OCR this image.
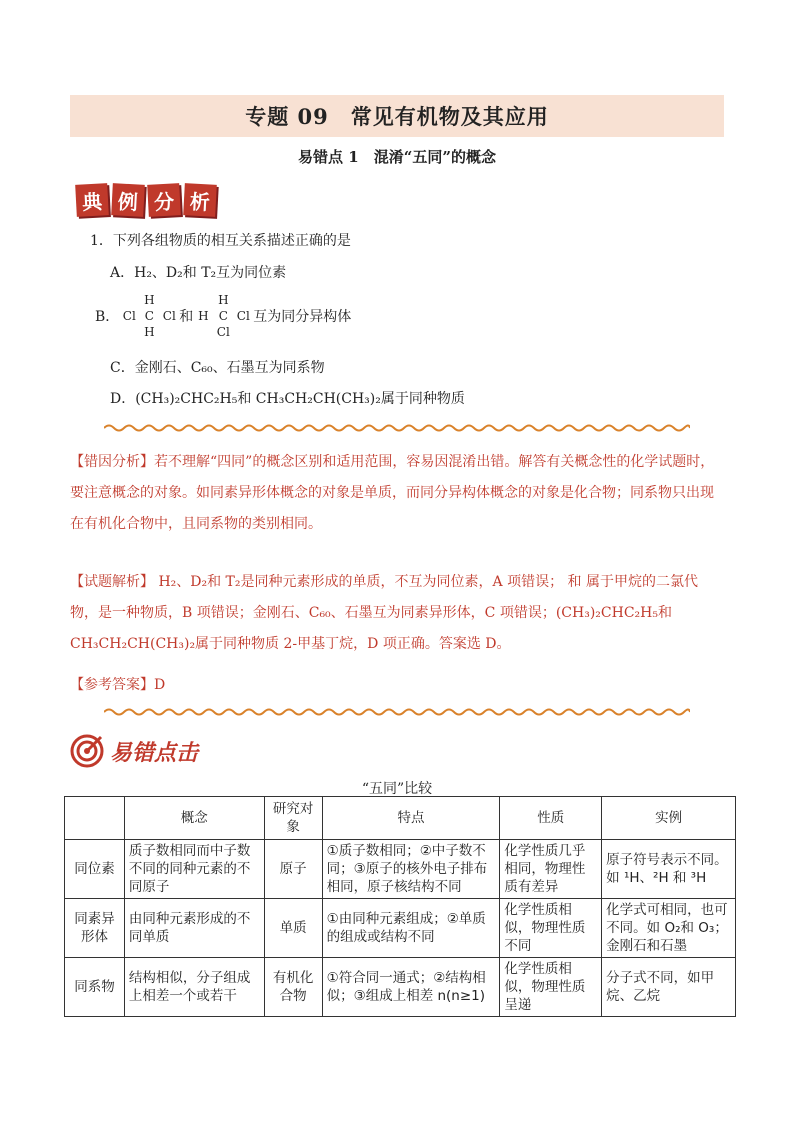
专题 09　常见有机物及其应用
易错点 1　混淆“五同”的概念
典 例 分 析
1．下列各组物质的相互关系描述正确的是
A．H₂、D₂和 T₂互为同位素
B．
H
Cl C Cl
H
和
H
H C Cl
Cl
互为同分异构体
C．金刚石、C₆₀、石墨互为同系物
D．(CH₃)₂CHC₂H₅和 CH₃CH₂CH(CH₃)₂属于同种物质
【错因分析】若不理解“四同”的概念区别和适用范围，容易因混淆出错。解答有关概念性的化学试题时，要注意概念的对象。如同素异形体概念的对象是单质，而同分异构体概念的对象是化合物；同系物只出现在有机化合物中，且同系物的类别相同。
【试题解析】 H₂、D₂和 T₂是同种元素形成的单质，不互为同位素，A 项错误； 和 属于甲烷的二氯代物，是一种物质，B 项错误；金刚石、C₆₀、石墨互为同素异形体，C 项错误；(CH₃)₂CHC₂H₅和 CH₃CH₂CH(CH₃)₂属于同种物质 2-甲基丁烷，D 项正确。答案选 D。
【参考答案】D
易错点击
“五同”比较
	概念	研究对象	特点	性质	实例
同位素	质子数相同而中子数不同的同种元素的不同原子	原子	①质子数相同；②中子数不同；③原子的核外电子排布相同，原子核结构不同	化学性质几乎相同，物理性质有差异	原子符号表示不同。如 ¹H、²H 和 ³H
同素异形体	由同种元素形成的不同单质	单质	①由同种元素组成；②单质的组成或结构不同	化学性质相似，物理性质不同	化学式可相同，也可不同。如 O₂和 O₃；金刚石和石墨
同系物	结构相似，分子组成上相差一个或若干	有机化合物	①符合同一通式；②结构相似；③组成上相差 n(n≥1)	化学性质相似，物理性质呈递	分子式不同，如甲烷、乙烷
